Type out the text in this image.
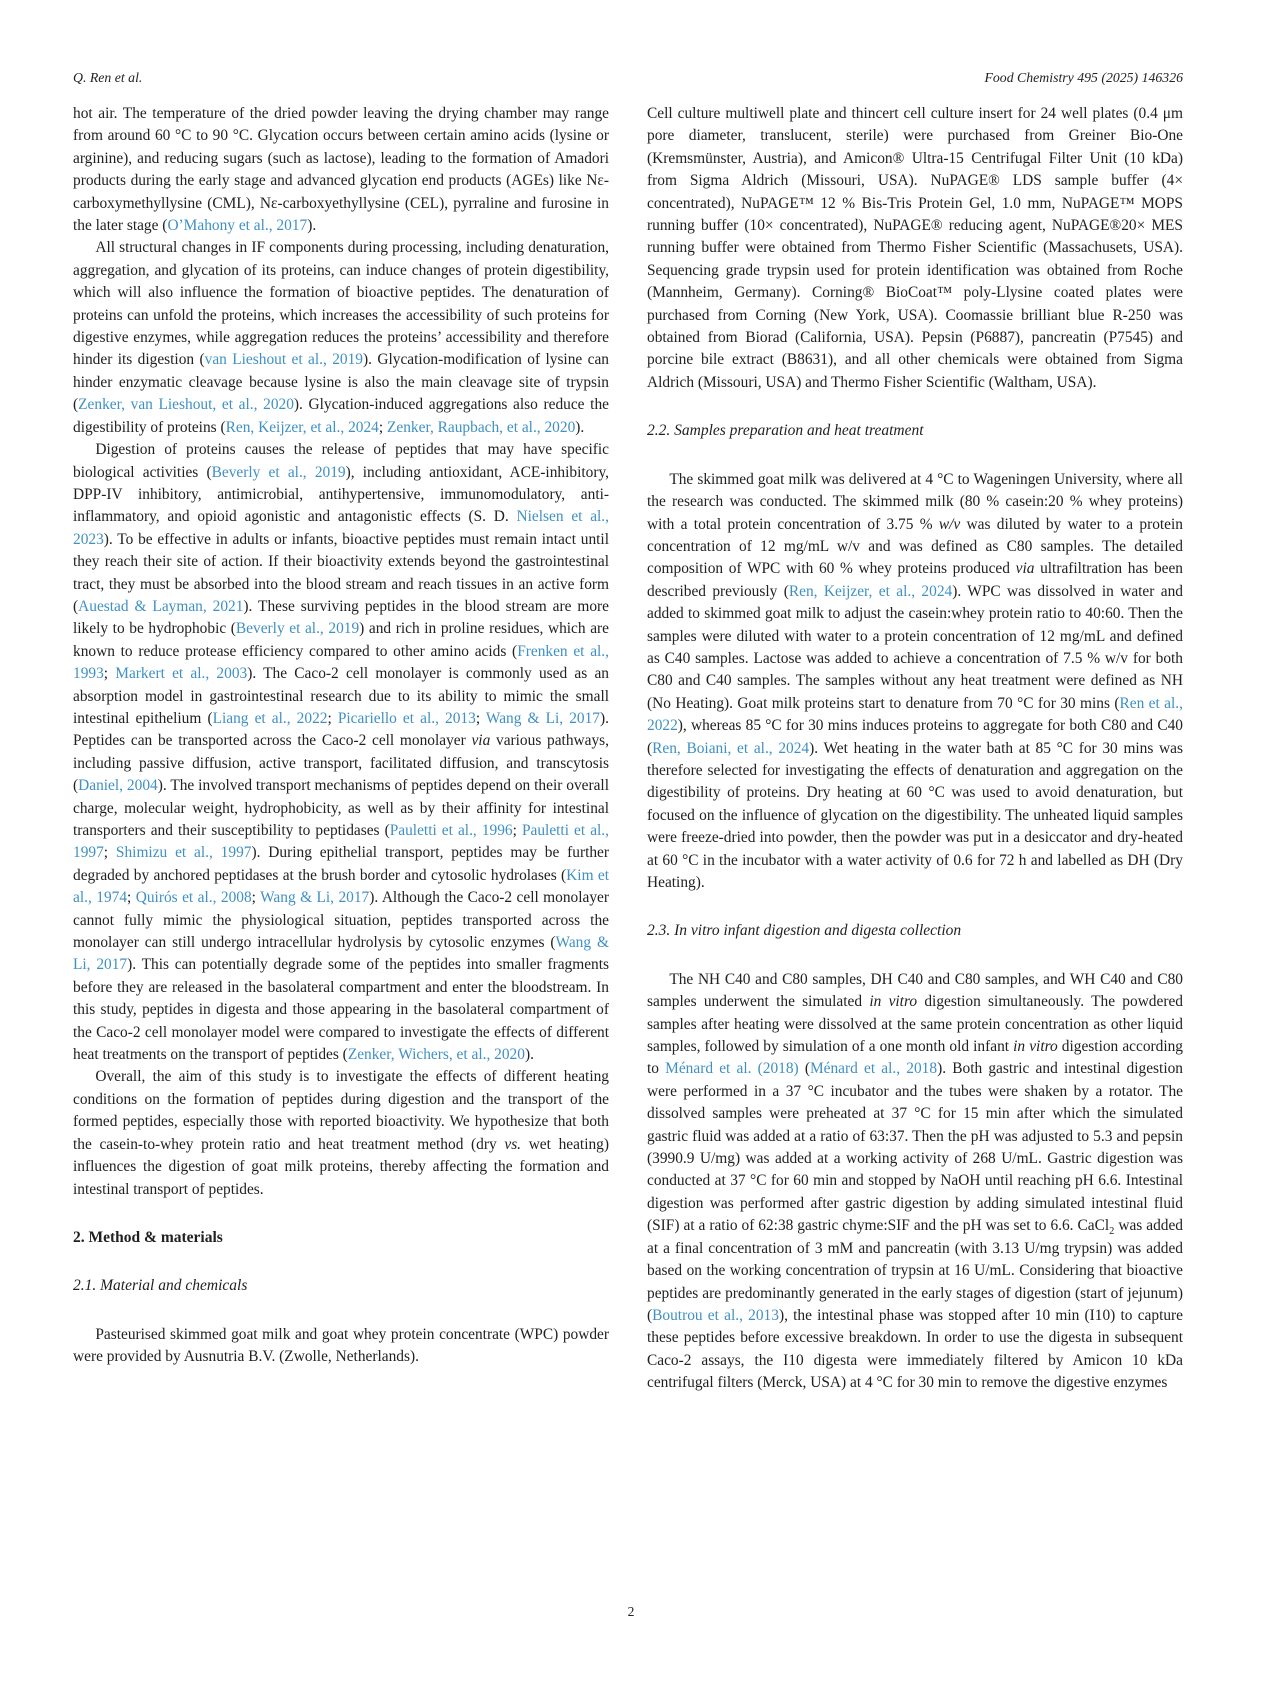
Q. Ren et al.	Food Chemistry 495 (2025) 146326

hot air. The temperature of the dried powder leaving the drying chamber may range from around 60 °C to 90 °C. Glycation occurs between certain amino acids (lysine or arginine), and reducing sugars (such as lactose), leading to the formation of Amadori products during the early stage and advanced glycation end products (AGEs) like Nε-carboxymethyllysine (CML), Nε-carboxyethyllysine (CEL), pyrraline and furosine in the later stage (O’Mahony et al., 2017).

All structural changes in IF components during processing, including denaturation, aggregation, and glycation of its proteins, can induce changes of protein digestibility, which will also influence the formation of bioactive peptides. The denaturation of proteins can unfold the proteins, which increases the accessibility of such proteins for digestive enzymes, while aggregation reduces the proteins’ accessibility and therefore hinder its digestion (van Lieshout et al., 2019). Glycation-modification of lysine can hinder enzymatic cleavage because lysine is also the main cleavage site of trypsin (Zenker, van Lieshout, et al., 2020). Glycation-induced aggregations also reduce the digestibility of proteins (Ren, Keijzer, et al., 2024; Zenker, Raupbach, et al., 2020).

Digestion of proteins causes the release of peptides that may have specific biological activities (Beverly et al., 2019), including antioxidant, ACE-inhibitory, DPP-IV inhibitory, antimicrobial, antihypertensive, immunomodulatory, anti-inflammatory, and opioid agonistic and antagonistic effects (S. D. Nielsen et al., 2023). To be effective in adults or infants, bioactive peptides must remain intact until they reach their site of action. If their bioactivity extends beyond the gastrointestinal tract, they must be absorbed into the blood stream and reach tissues in an active form (Auestad & Layman, 2021). These surviving peptides in the blood stream are more likely to be hydrophobic (Beverly et al., 2019) and rich in proline residues, which are known to reduce protease efficiency compared to other amino acids (Frenken et al., 1993; Markert et al., 2003). The Caco-2 cell monolayer is commonly used as an absorption model in gastrointestinal research due to its ability to mimic the small intestinal epithelium (Liang et al., 2022; Picariello et al., 2013; Wang & Li, 2017). Peptides can be transported across the Caco-2 cell monolayer via various pathways, including passive diffusion, active transport, facilitated diffusion, and transcytosis (Daniel, 2004). The involved transport mechanisms of peptides depend on their overall charge, molecular weight, hydrophobicity, as well as by their affinity for intestinal transporters and their susceptibility to peptidases (Pauletti et al., 1996; Pauletti et al., 1997; Shimizu et al., 1997). During epithelial transport, peptides may be further degraded by anchored peptidases at the brush border and cytosolic hydrolases (Kim et al., 1974; Quirós et al., 2008; Wang & Li, 2017). Although the Caco-2 cell monolayer cannot fully mimic the physiological situation, peptides transported across the monolayer can still undergo intracellular hydrolysis by cytosolic enzymes (Wang & Li, 2017). This can potentially degrade some of the peptides into smaller fragments before they are released in the basolateral compartment and enter the bloodstream. In this study, peptides in digesta and those appearing in the basolateral compartment of the Caco-2 cell monolayer model were compared to investigate the effects of different heat treatments on the transport of peptides (Zenker, Wichers, et al., 2020).

Overall, the aim of this study is to investigate the effects of different heating conditions on the formation of peptides during digestion and the transport of the formed peptides, especially those with reported bioactivity. We hypothesize that both the casein-to-whey protein ratio and heat treatment method (dry vs. wet heating) influences the digestion of goat milk proteins, thereby affecting the formation and intestinal transport of peptides.

2. Method & materials
2.1. Material and chemicals

Pasteurised skimmed goat milk and goat whey protein concentrate (WPC) powder were provided by Ausnutria B.V. (Zwolle, Netherlands).

Cell culture multiwell plate and thincert cell culture insert for 24 well plates (0.4 μm pore diameter, translucent, sterile) were purchased from Greiner Bio-One (Kremsmünster, Austria), and Amicon® Ultra-15 Centrifugal Filter Unit (10 kDa) from Sigma Aldrich (Missouri, USA). NuPAGE® LDS sample buffer (4× concentrated), NuPAGE™ 12 % Bis-Tris Protein Gel, 1.0 mm, NuPAGE™ MOPS running buffer (10× concentrated), NuPAGE® reducing agent, NuPAGE®20× MES running buffer were obtained from Thermo Fisher Scientific (Massachusets, USA). Sequencing grade trypsin used for protein identification was obtained from Roche (Mannheim, Germany). Corning® BioCoat™ poly-Llysine coated plates were purchased from Corning (New York, USA). Coomassie brilliant blue R-250 was obtained from Biorad (California, USA). Pepsin (P6887), pancreatin (P7545) and porcine bile extract (B8631), and all other chemicals were obtained from Sigma Aldrich (Missouri, USA) and Thermo Fisher Scientific (Waltham, USA).

2.2. Samples preparation and heat treatment

The skimmed goat milk was delivered at 4 °C to Wageningen University, where all the research was conducted. The skimmed milk (80 % casein:20 % whey proteins) with a total protein concentration of 3.75 % w/v was diluted by water to a protein concentration of 12 mg/mL w/v and was defined as C80 samples. The detailed composition of WPC with 60 % whey proteins produced via ultrafiltration has been described previously (Ren, Keijzer, et al., 2024). WPC was dissolved in water and added to skimmed goat milk to adjust the casein:whey protein ratio to 40:60. Then the samples were diluted with water to a protein concentration of 12 mg/mL and defined as C40 samples. Lactose was added to achieve a concentration of 7.5 % w/v for both C80 and C40 samples. The samples without any heat treatment were defined as NH (No Heating). Goat milk proteins start to denature from 70 °C for 30 mins (Ren et al., 2022), whereas 85 °C for 30 mins induces proteins to aggregate for both C80 and C40 (Ren, Boiani, et al., 2024). Wet heating in the water bath at 85 °C for 30 mins was therefore selected for investigating the effects of denaturation and aggregation on the digestibility of proteins. Dry heating at 60 °C was used to avoid denaturation, but focused on the influence of glycation on the digestibility. The unheated liquid samples were freeze-dried into powder, then the powder was put in a desiccator and dry-heated at 60 °C in the incubator with a water activity of 0.6 for 72 h and labelled as DH (Dry Heating).

2.3. In vitro infant digestion and digesta collection

The NH C40 and C80 samples, DH C40 and C80 samples, and WH C40 and C80 samples underwent the simulated in vitro digestion simultaneously. The powdered samples after heating were dissolved at the same protein concentration as other liquid samples, followed by simulation of a one month old infant in vitro digestion according to Ménard et al. (2018) (Ménard et al., 2018). Both gastric and intestinal digestion were performed in a 37 °C incubator and the tubes were shaken by a rotator. The dissolved samples were preheated at 37 °C for 15 min after which the simulated gastric fluid was added at a ratio of 63:37. Then the pH was adjusted to 5.3 and pepsin (3990.9 U/mg) was added at a working activity of 268 U/mL. Gastric digestion was conducted at 37 °C for 60 min and stopped by NaOH until reaching pH 6.6. Intestinal digestion was performed after gastric digestion by adding simulated intestinal fluid (SIF) at a ratio of 62:38 gastric chyme:SIF and the pH was set to 6.6. CaCl$_2$ was added at a final concentration of 3 mM and pancreatin (with 3.13 U/mg trypsin) was added based on the working concentration of trypsin at 16 U/mL. Considering that bioactive peptides are predominantly generated in the early stages of digestion (start of jejunum) (Boutrou et al., 2013), the intestinal phase was stopped after 10 min (I10) to capture these peptides before excessive breakdown. In order to use the digesta in subsequent Caco-2 assays, the I10 digesta were immediately filtered by Amicon 10 kDa centrifugal filters (Merck, USA) at 4 °C for 30 min to remove the digestive enzymes

2
